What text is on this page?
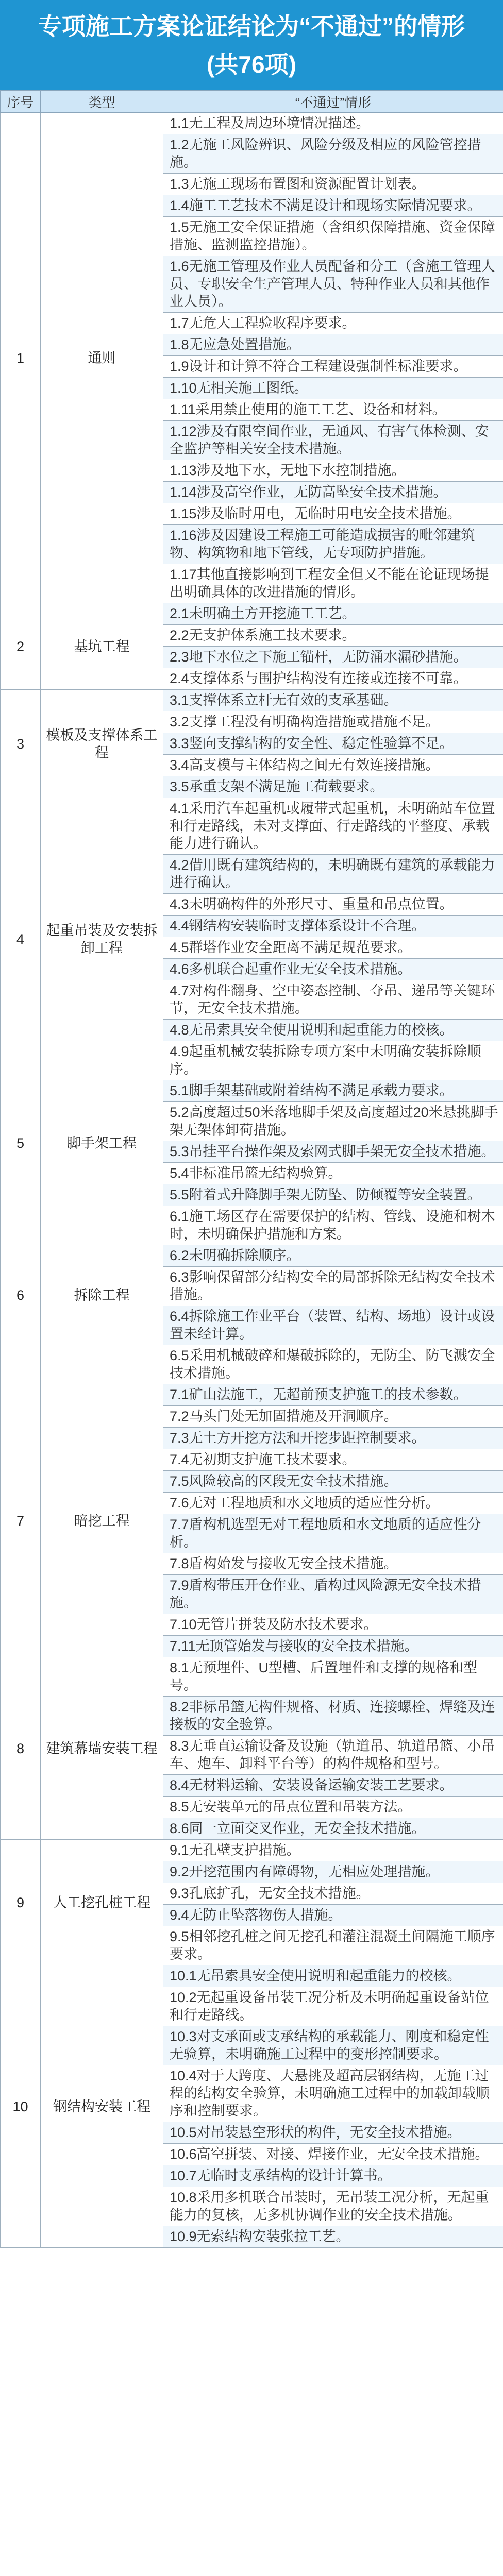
专项施工方案论证结论为“不通过”的情形
(共76项)
序号	类型	“不通过”情形
1	通则	1.1无工程及周边环境情况描述。
		1.2无施工风险辨识、风险分级及相应的风险管控措施。
		1.3无施工现场布置图和资源配置计划表。
		1.4施工工艺技术不满足设计和现场实际情况要求。
		1.5无施工安全保证措施（含组织保障措施、资金保障措施、监测监控措施）。
		1.6无施工管理及作业人员配备和分工（含施工管理人员、专职安全生产管理人员、特种作业人员和其他作业人员）。
		1.7无危大工程验收程序要求。
		1.8无应急处置措施。
		1.9设计和计算不符合工程建设强制性标准要求。
		1.10无相关施工图纸。
		1.11采用禁止使用的施工工艺、设备和材料。
		1.12涉及有限空间作业，无通风、有害气体检测、安全监护等相关安全技术措施。
		1.13涉及地下水，无地下水控制措施。
		1.14涉及高空作业，无防高坠安全技术措施。
		1.15涉及临时用电，无临时用电安全技术措施。
		1.16涉及因建设工程施工可能造成损害的毗邻建筑物、构筑物和地下管线，无专项防护措施。
		1.17其他直接影响到工程安全但又不能在论证现场提出明确具体的改进措施的情形。
2	基坑工程	2.1未明确土方开挖施工工艺。
		2.2无支护体系施工技术要求。
		2.3地下水位之下施工锚杆，无防涌水漏砂措施。
		2.4支撑体系与围护结构没有连接或连接不可靠。
3	模板及支撑体系工程	3.1支撑体系立杆无有效的支承基础。
		3.2支撑工程没有明确构造措施或措施不足。
		3.3竖向支撑结构的安全性、稳定性验算不足。
		3.4高支模与主体结构之间无有效连接措施。
		3.5承重支架不满足施工荷载要求。
4	起重吊装及安装拆卸工程	4.1采用汽车起重机或履带式起重机，未明确站车位置和行走路线，未对支撑面、行走路线的平整度、承载能力进行确认。
		4.2借用既有建筑结构的，未明确既有建筑的承载能力进行确认。
		4.3未明确构件的外形尺寸、重量和吊点位置。
		4.4钢结构安装临时支撑体系设计不合理。
		4.5群塔作业安全距离不满足规范要求。
		4.6多机联合起重作业无安全技术措施。
		4.7对构件翻身、空中姿态控制、夺吊、递吊等关键环节，无安全技术措施。
		4.8无吊索具安全使用说明和起重能力的校核。
		4.9起重机械安装拆除专项方案中未明确安装拆除顺序。
5	脚手架工程	5.1脚手架基础或附着结构不满足承载力要求。
		5.2高度超过50米落地脚手架及高度超过20米悬挑脚手架无架体卸荷措施。
		5.3吊挂平台操作架及索网式脚手架无安全技术措施。
		5.4非标准吊篮无结构验算。
		5.5附着式升降脚手架无防坠、防倾覆等安全装置。
6	拆除工程	6.1施工场区存在需要保护的结构、管线、设施和树木时，未明确保护措施和方案。
		6.2未明确拆除顺序。
		6.3影响保留部分结构安全的局部拆除无结构安全技术措施。
		6.4拆除施工作业平台（装置、结构、场地）设计或设置未经计算。
		6.5采用机械破碎和爆破拆除的，无防尘、防飞溅安全技术措施。
7	暗挖工程	7.1矿山法施工，无超前预支护施工的技术参数。
		7.2马头门处无加固措施及开洞顺序。
		7.3无土方开挖方法和开挖步距控制要求。
		7.4无初期支护施工技术要求。
		7.5风险较高的区段无安全技术措施。
		7.6无对工程地质和水文地质的适应性分析。
		7.7盾构机选型无对工程地质和水文地质的适应性分析。
		7.8盾构始发与接收无安全技术措施。
		7.9盾构带压开仓作业、盾构过风险源无安全技术措施。
		7.10无管片拼装及防水技术要求。
		7.11无顶管始发与接收的安全技术措施。
8	建筑幕墙安装工程	8.1无预埋件、U型槽、后置埋件和支撑的规格和型号。
		8.2非标吊篮无构件规格、材质、连接螺栓、焊缝及连接板的安全验算。
		8.3无垂直运输设备及设施（轨道吊、轨道吊篮、小吊车、炮车、卸料平台等）的构件规格和型号。
		8.4无材料运输、安装设备运输安装工艺要求。
		8.5无安装单元的吊点位置和吊装方法。
		8.6同一立面交叉作业，无安全技术措施。
9	人工挖孔桩工程	9.1无孔壁支护措施。
		9.2开挖范围内有障碍物，无相应处理措施。
		9.3孔底扩孔，无安全技术措施。
		9.4无防止坠落物伤人措施。
		9.5相邻挖孔桩之间无挖孔和灌注混凝土间隔施工顺序要求。
10	钢结构安装工程	10.1无吊索具安全使用说明和起重能力的校核。
		10.2无起重设备吊装工况分析及未明确起重设备站位和行走路线。
		10.3对支承面或支承结构的承载能力、刚度和稳定性无验算，未明确施工过程中的变形控制要求。
		10.4对于大跨度、大悬挑及超高层钢结构，无施工过程的结构安全验算，未明确施工过程中的加载卸载顺序和控制要求。
		10.5对吊装悬空形状的构件，无安全技术措施。
		10.6高空拼装、对接、焊接作业，无安全技术措施。
		10.7无临时支承结构的设计计算书。
		10.8采用多机联合吊装时，无吊装工况分析，无起重能力的复核，无多机协调作业的安全技术措施。
		10.9无索结构安装张拉工艺。
